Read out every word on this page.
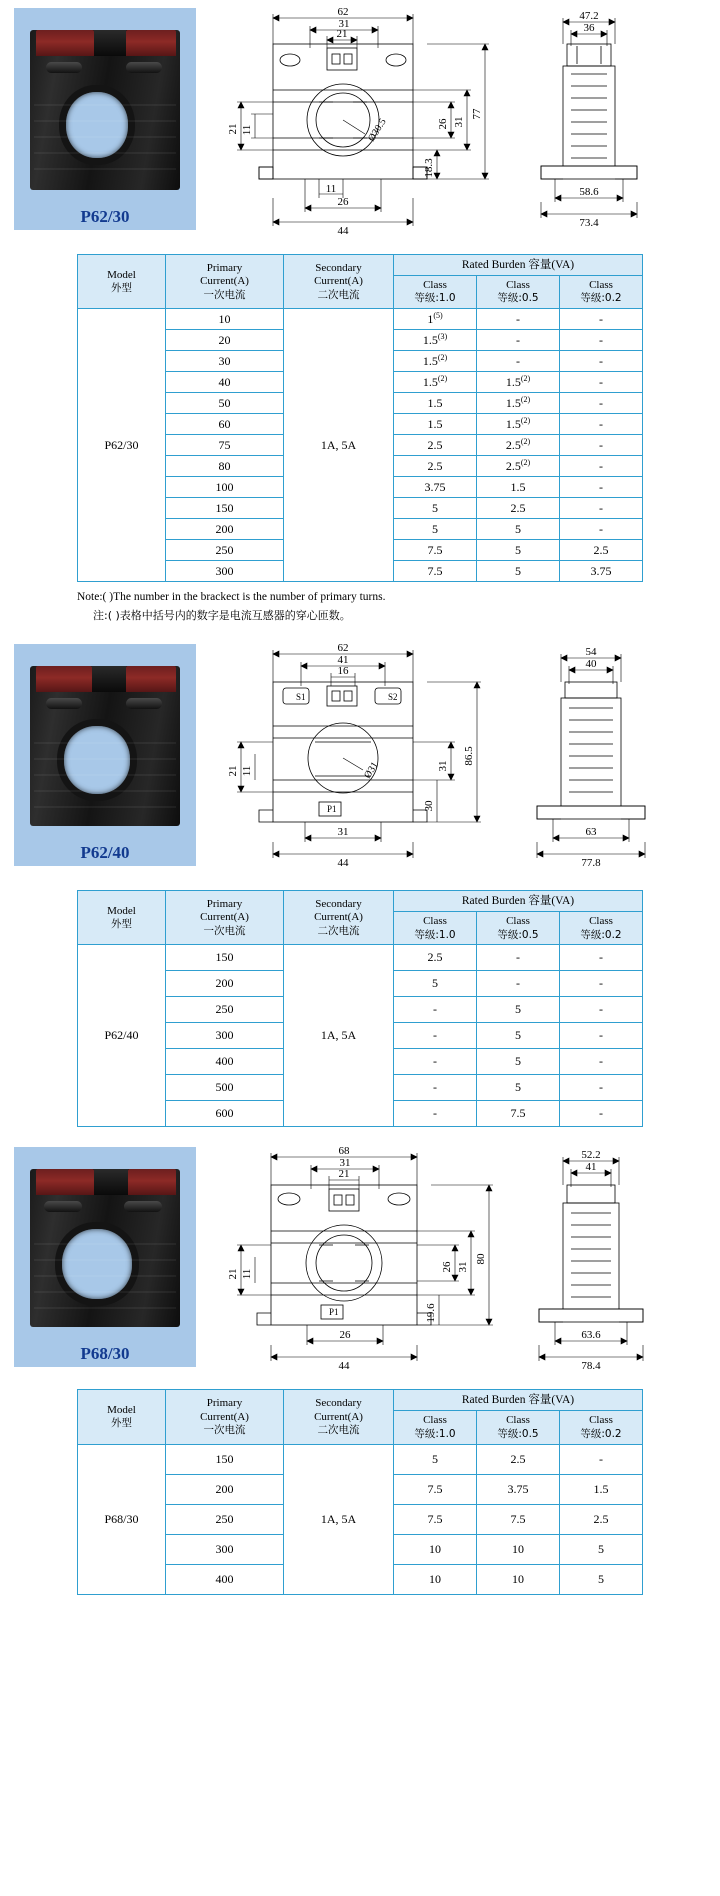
P62/30
62
31
21
26 31
77
18.3
21 11
11
26
44
Ø30.5
47.2
36
58.6
73.4
Model
外型

Primary
Current(A)
一次电流

Secondary
Current(A)
二次电流
	Rated Burden 容量(VA)

Class
等级:1.0

Class
等级:0.5

Class
等级:0.2

P62/30	10	1A, 5A	1$^{(5)}$	-	-
	20		1.5$^{(3)}$	-	-
	30		1.5$^{(2)}$	-	-
	40		1.5$^{(2)}$	1.5$^{(2)}$	-
	50		1.5	1.5$^{(2)}$	-
	60		1.5	1.5$^{(2)}$	-
	75		2.5	2.5$^{(2)}$	-
	80		2.5	2.5$^{(2)}$	-
	100		3.75	1.5	-
	150		5	2.5	-
	200		5	5	-
	250		7.5	5	2.5
	300		7.5	5	3.75
Note:( )The number in the brackect is the number of primary turns.
注:( )表格中括号内的数字是电流互感器的穿心匝数。
P62/40
62
41
16
31
86.5
30
21 11
31
44
Ø31
S1	S2
P1
54
40
63
77.8
Model
外型

Primary
Current(A)
一次电流

Secondary
Current(A)
二次电流
	Rated Burden 容量(VA)

Class
等级:1.0

Class
等级:0.5

Class
等级:0.2

P62/40	150	1A, 5A	2.5	-	-
	200		5	-	-
	250		-	5	-
	300		-	5	-
	400		-	5	-
	500		-	5	-
	600		-	7.5	-
P68/30
68
31
21
26 31
80
19.6
21 11
26
44
P1
52.2
41
63.6
78.4
Model
外型

Primary
Current(A)
一次电流

Secondary
Current(A)
二次电流
	Rated Burden 容量(VA)

Class
等级:1.0

Class
等级:0.5

Class
等级:0.2

P68/30	150	1A, 5A	5	2.5	-
	200		7.5	3.75	1.5
	250		7.5	7.5	2.5
	300		10	10	5
	400		10	10	5
